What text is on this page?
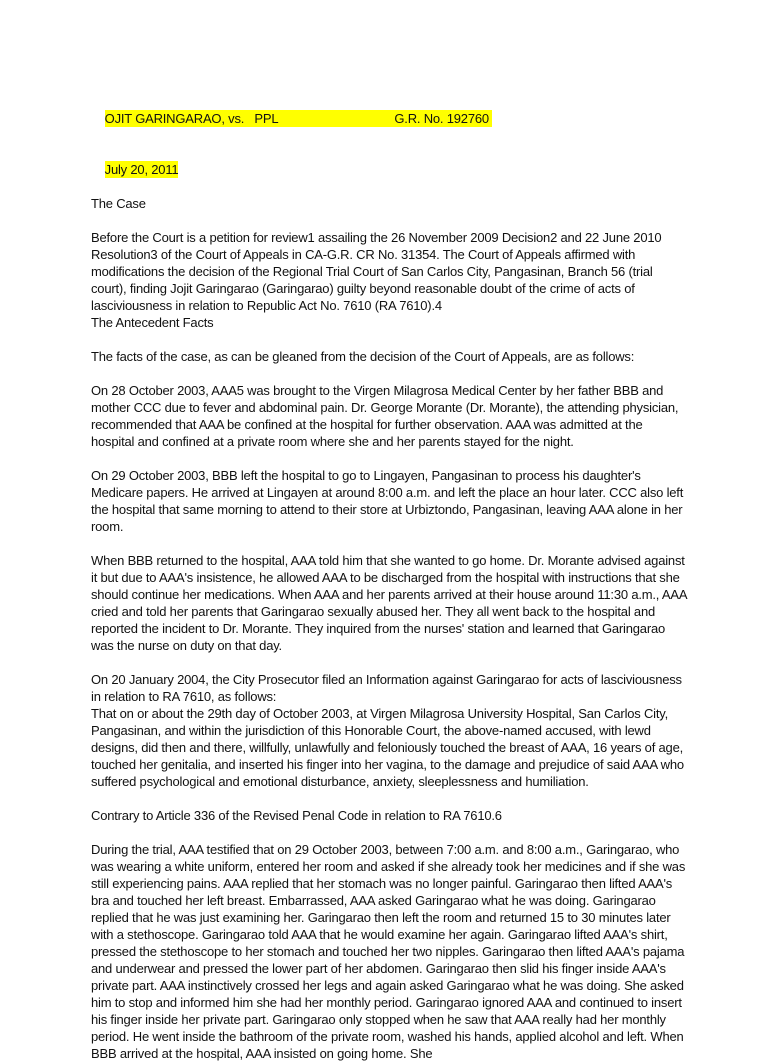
OJIT GARINGARAO, vs.   PPL	G.R. No. 192760

July 20, 2011

The Case

Before the Court is a petition for review1 assailing the 26 November 2009 Decision2 and 22 June 2010 Resolution3 of the Court of Appeals in CA-G.R. CR No. 31354. The Court of Appeals affirmed with modifications the decision of the Regional Trial Court of San Carlos City, Pangasinan, Branch 56 (trial court), finding Jojit Garingarao (Garingarao) guilty beyond reasonable doubt of the crime of acts of lasciviousness in relation to Republic Act No. 7610 (RA 7610).4

The Antecedent Facts

The facts of the case, as can be gleaned from the decision of the Court of Appeals, are as follows:

On 28 October 2003, AAA5 was brought to the Virgen Milagrosa Medical Center by her father BBB and mother CCC due to fever and abdominal pain. Dr. George Morante (Dr. Morante), the attending physician, recommended that AAA be confined at the hospital for further observation. AAA was admitted at the hospital and confined at a private room where she and her parents stayed for the night.

On 29 October 2003, BBB left the hospital to go to Lingayen, Pangasinan to process his daughter's Medicare papers. He arrived at Lingayen at around 8:00 a.m. and left the place an hour later. CCC also left the hospital that same morning to attend to their store at Urbiztondo, Pangasinan, leaving AAA alone in her room.

When BBB returned to the hospital, AAA told him that she wanted to go home. Dr. Morante advised against it but due to AAA's insistence, he allowed AAA to be discharged from the hospital with instructions that she should continue her medications. When AAA and her parents arrived at their house around 11:30 a.m., AAA cried and told her parents that Garingarao sexually abused her. They all went back to the hospital and reported the incident to Dr. Morante. They inquired from the nurses' station and learned that Garingarao was the nurse on duty on that day.

On 20 January 2004, the City Prosecutor filed an Information against Garingarao for acts of lasciviousness in relation to RA 7610, as follows:

That on or about the 29th day of October 2003, at Virgen Milagrosa University Hospital, San Carlos City, Pangasinan, and within the jurisdiction of this Honorable Court, the above-named accused, with lewd designs, did then and there, willfully, unlawfully and feloniously touched the breast of AAA, 16 years of age, touched her genitalia, and inserted his finger into her vagina, to the damage and prejudice of said AAA who suffered psychological and emotional disturbance, anxiety, sleeplessness and humiliation.

Contrary to Article 336 of the Revised Penal Code in relation to RA 7610.6

During the trial, AAA testified that on 29 October 2003, between 7:00 a.m. and 8:00 a.m., Garingarao, who was wearing a white uniform, entered her room and asked if she already took her medicines and if she was still experiencing pains. AAA replied that her stomach was no longer painful. Garingarao then lifted AAA's bra and touched her left breast. Embarrassed, AAA asked Garingarao what he was doing. Garingarao replied that he was just examining her. Garingarao then left the room and returned 15 to 30 minutes later with a stethoscope. Garingarao told AAA that he would examine her again. Garingarao lifted AAA's shirt, pressed the stethoscope to her stomach and touched her two nipples. Garingarao then lifted AAA's pajama and underwear and pressed the lower part of her abdomen. Garingarao then slid his finger inside AAA's private part. AAA instinctively crossed her legs and again asked Garingarao what he was doing. She asked him to stop and informed him she had her monthly period. Garingarao ignored AAA and continued to insert his finger inside her private part. Garingarao only stopped when he saw that AAA really had her monthly period. He went inside the bathroom of the private room, washed his hands, applied alcohol and left. When BBB arrived at the hospital, AAA insisted on going home. She
